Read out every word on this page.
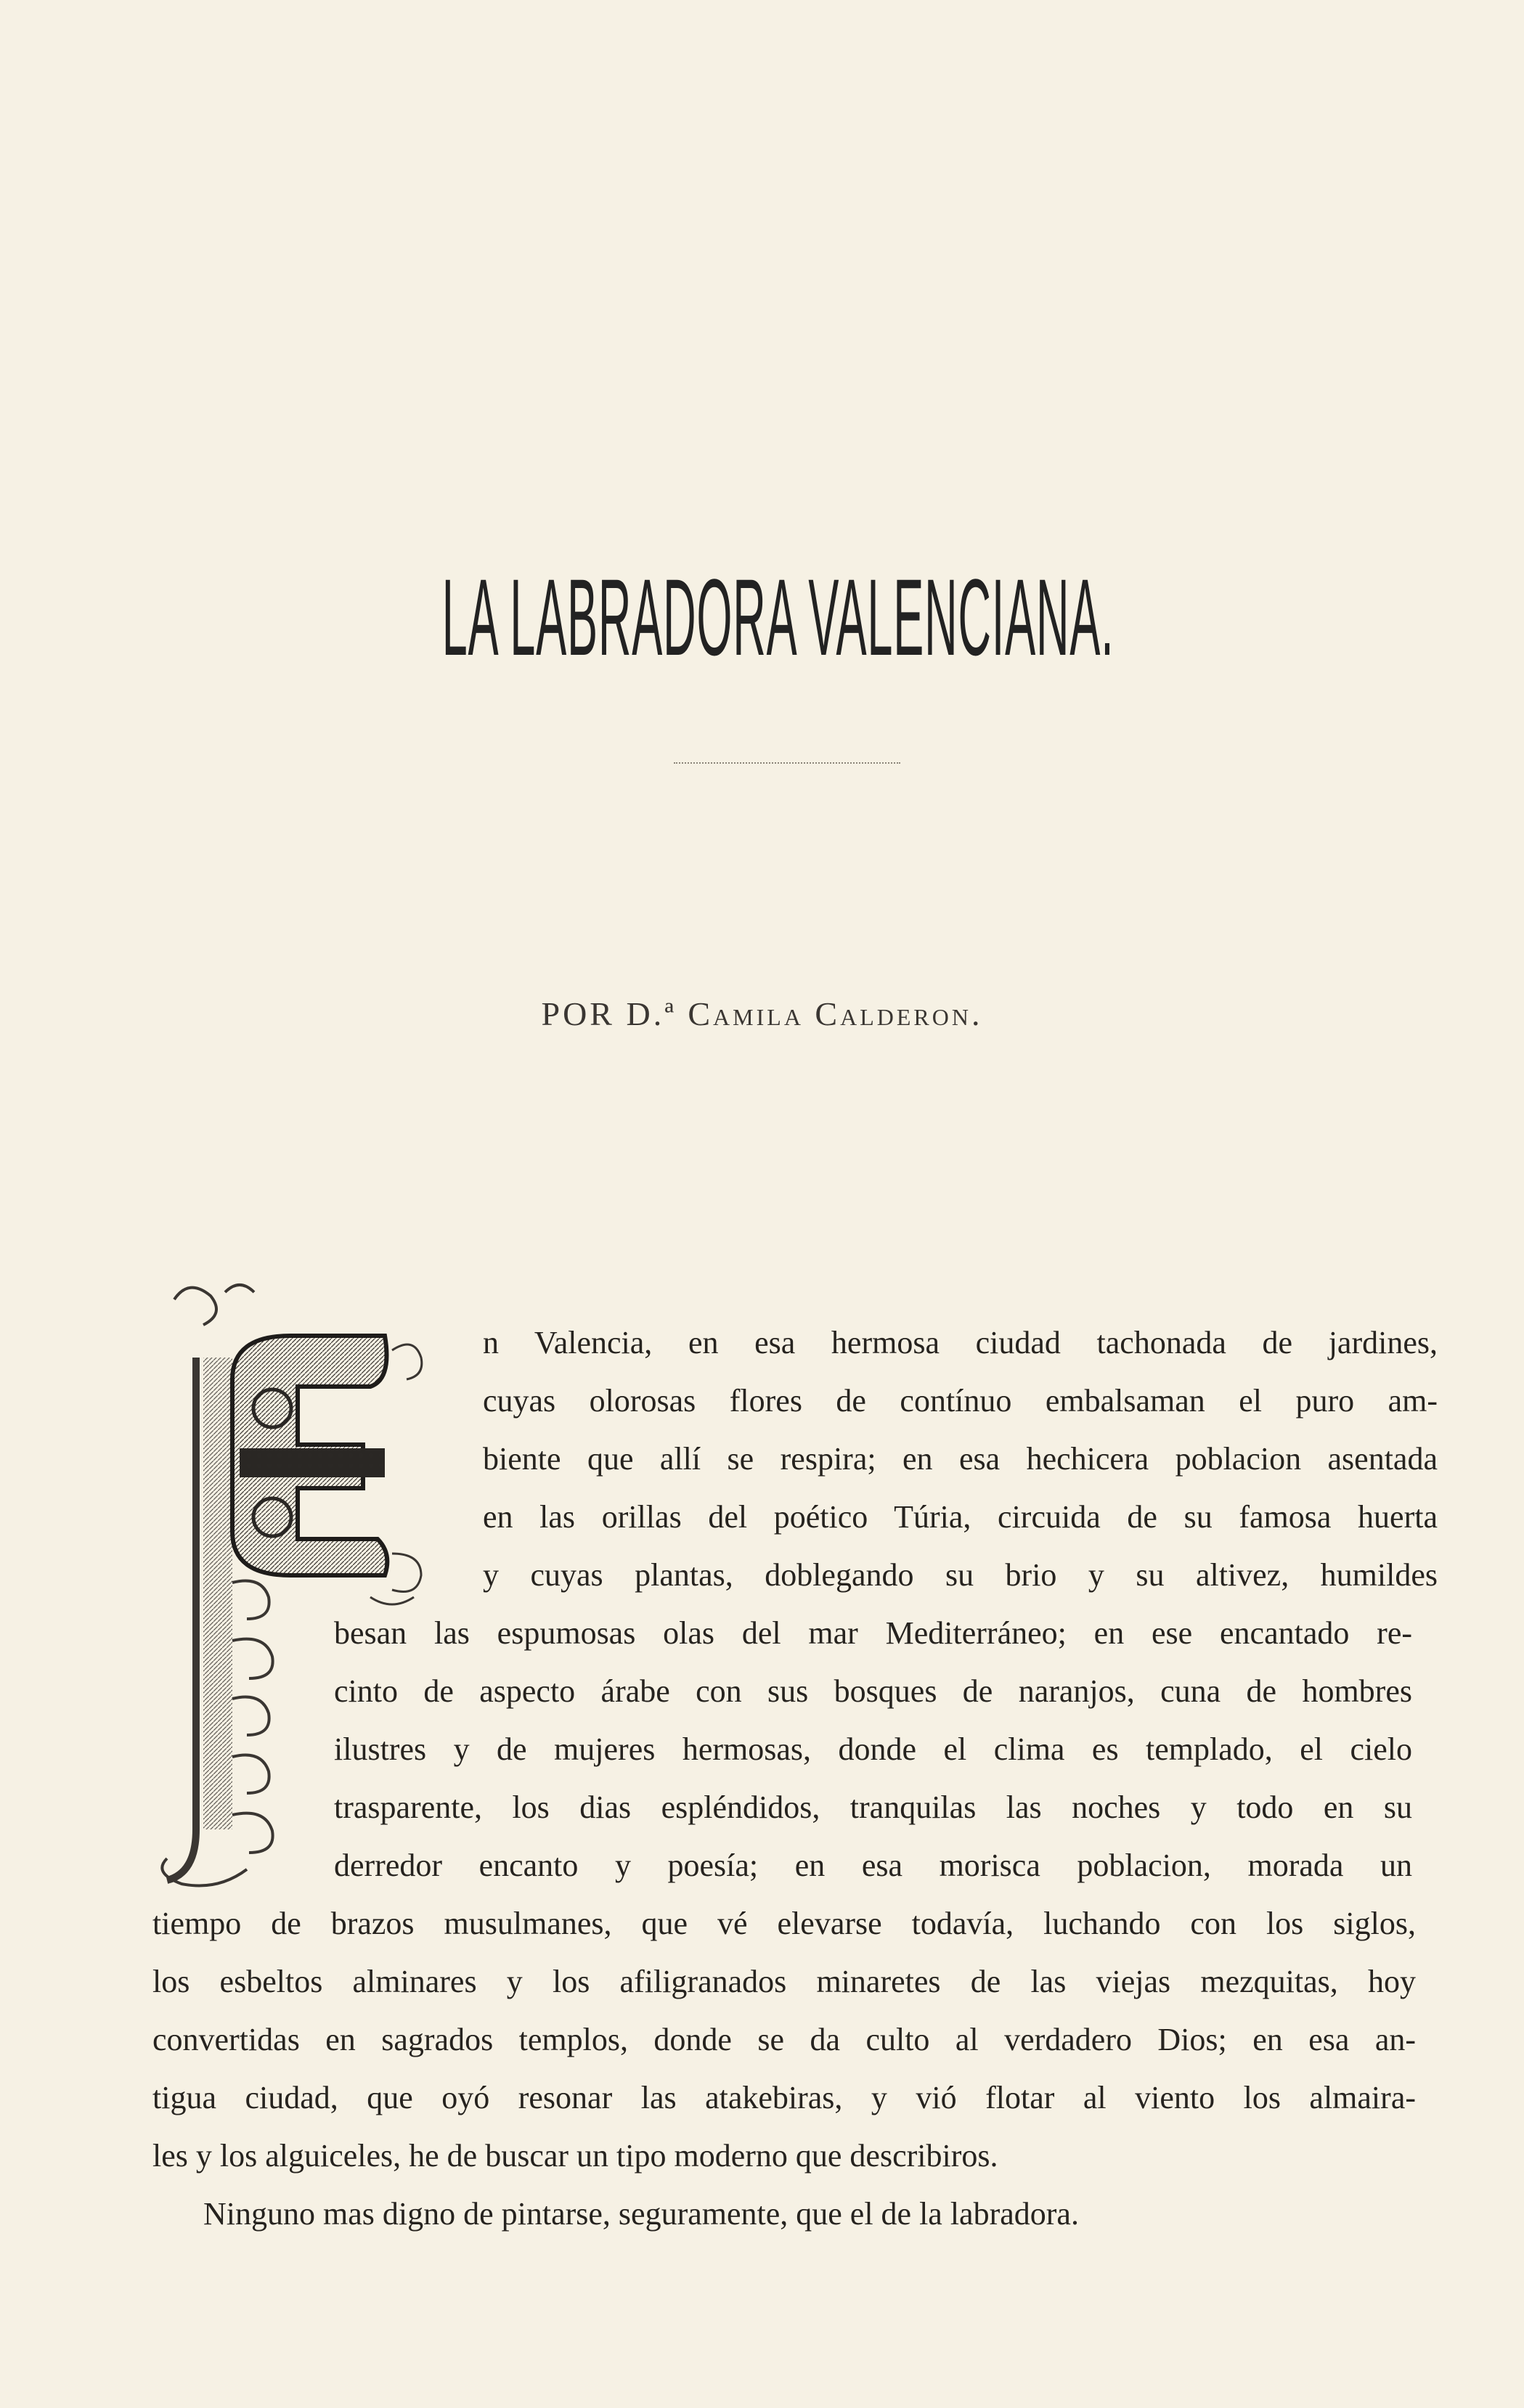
LA LABRADORA VALENCIANA.
POR D.ª Camila Calderon.
n Valencia, en esa hermosa ciudad tachonada de jardines,
cuyas olorosas flores de contínuo embalsaman el puro am-
biente que allí se respira; en esa hechicera poblacion asentada
en las orillas del poético Túria, circuida de su famosa huerta
y cuyas plantas, doblegando su brio y su altivez, humildes
besan las espumosas olas del mar Mediterráneo; en ese encantado re-
cinto de aspecto árabe con sus bosques de naranjos, cuna de hombres
ilustres y de mujeres hermosas, donde el clima es templado, el cielo
trasparente, los dias espléndidos, tranquilas las noches y todo en su
derredor encanto y poesía; en esa morisca poblacion, morada un
tiempo de brazos musulmanes, que vé elevarse todavía, luchando con los siglos,
los esbeltos alminares y los afiligranados minaretes de las viejas mezquitas, hoy
convertidas en sagrados templos, donde se da culto al verdadero Dios; en esa an-
tigua ciudad, que oyó resonar las atakebiras, y vió flotar al viento los almaira-
les y los alguiceles, he de buscar un tipo moderno que describiros.
Ninguno mas digno de pintarse, seguramente, que el de la labradora.
